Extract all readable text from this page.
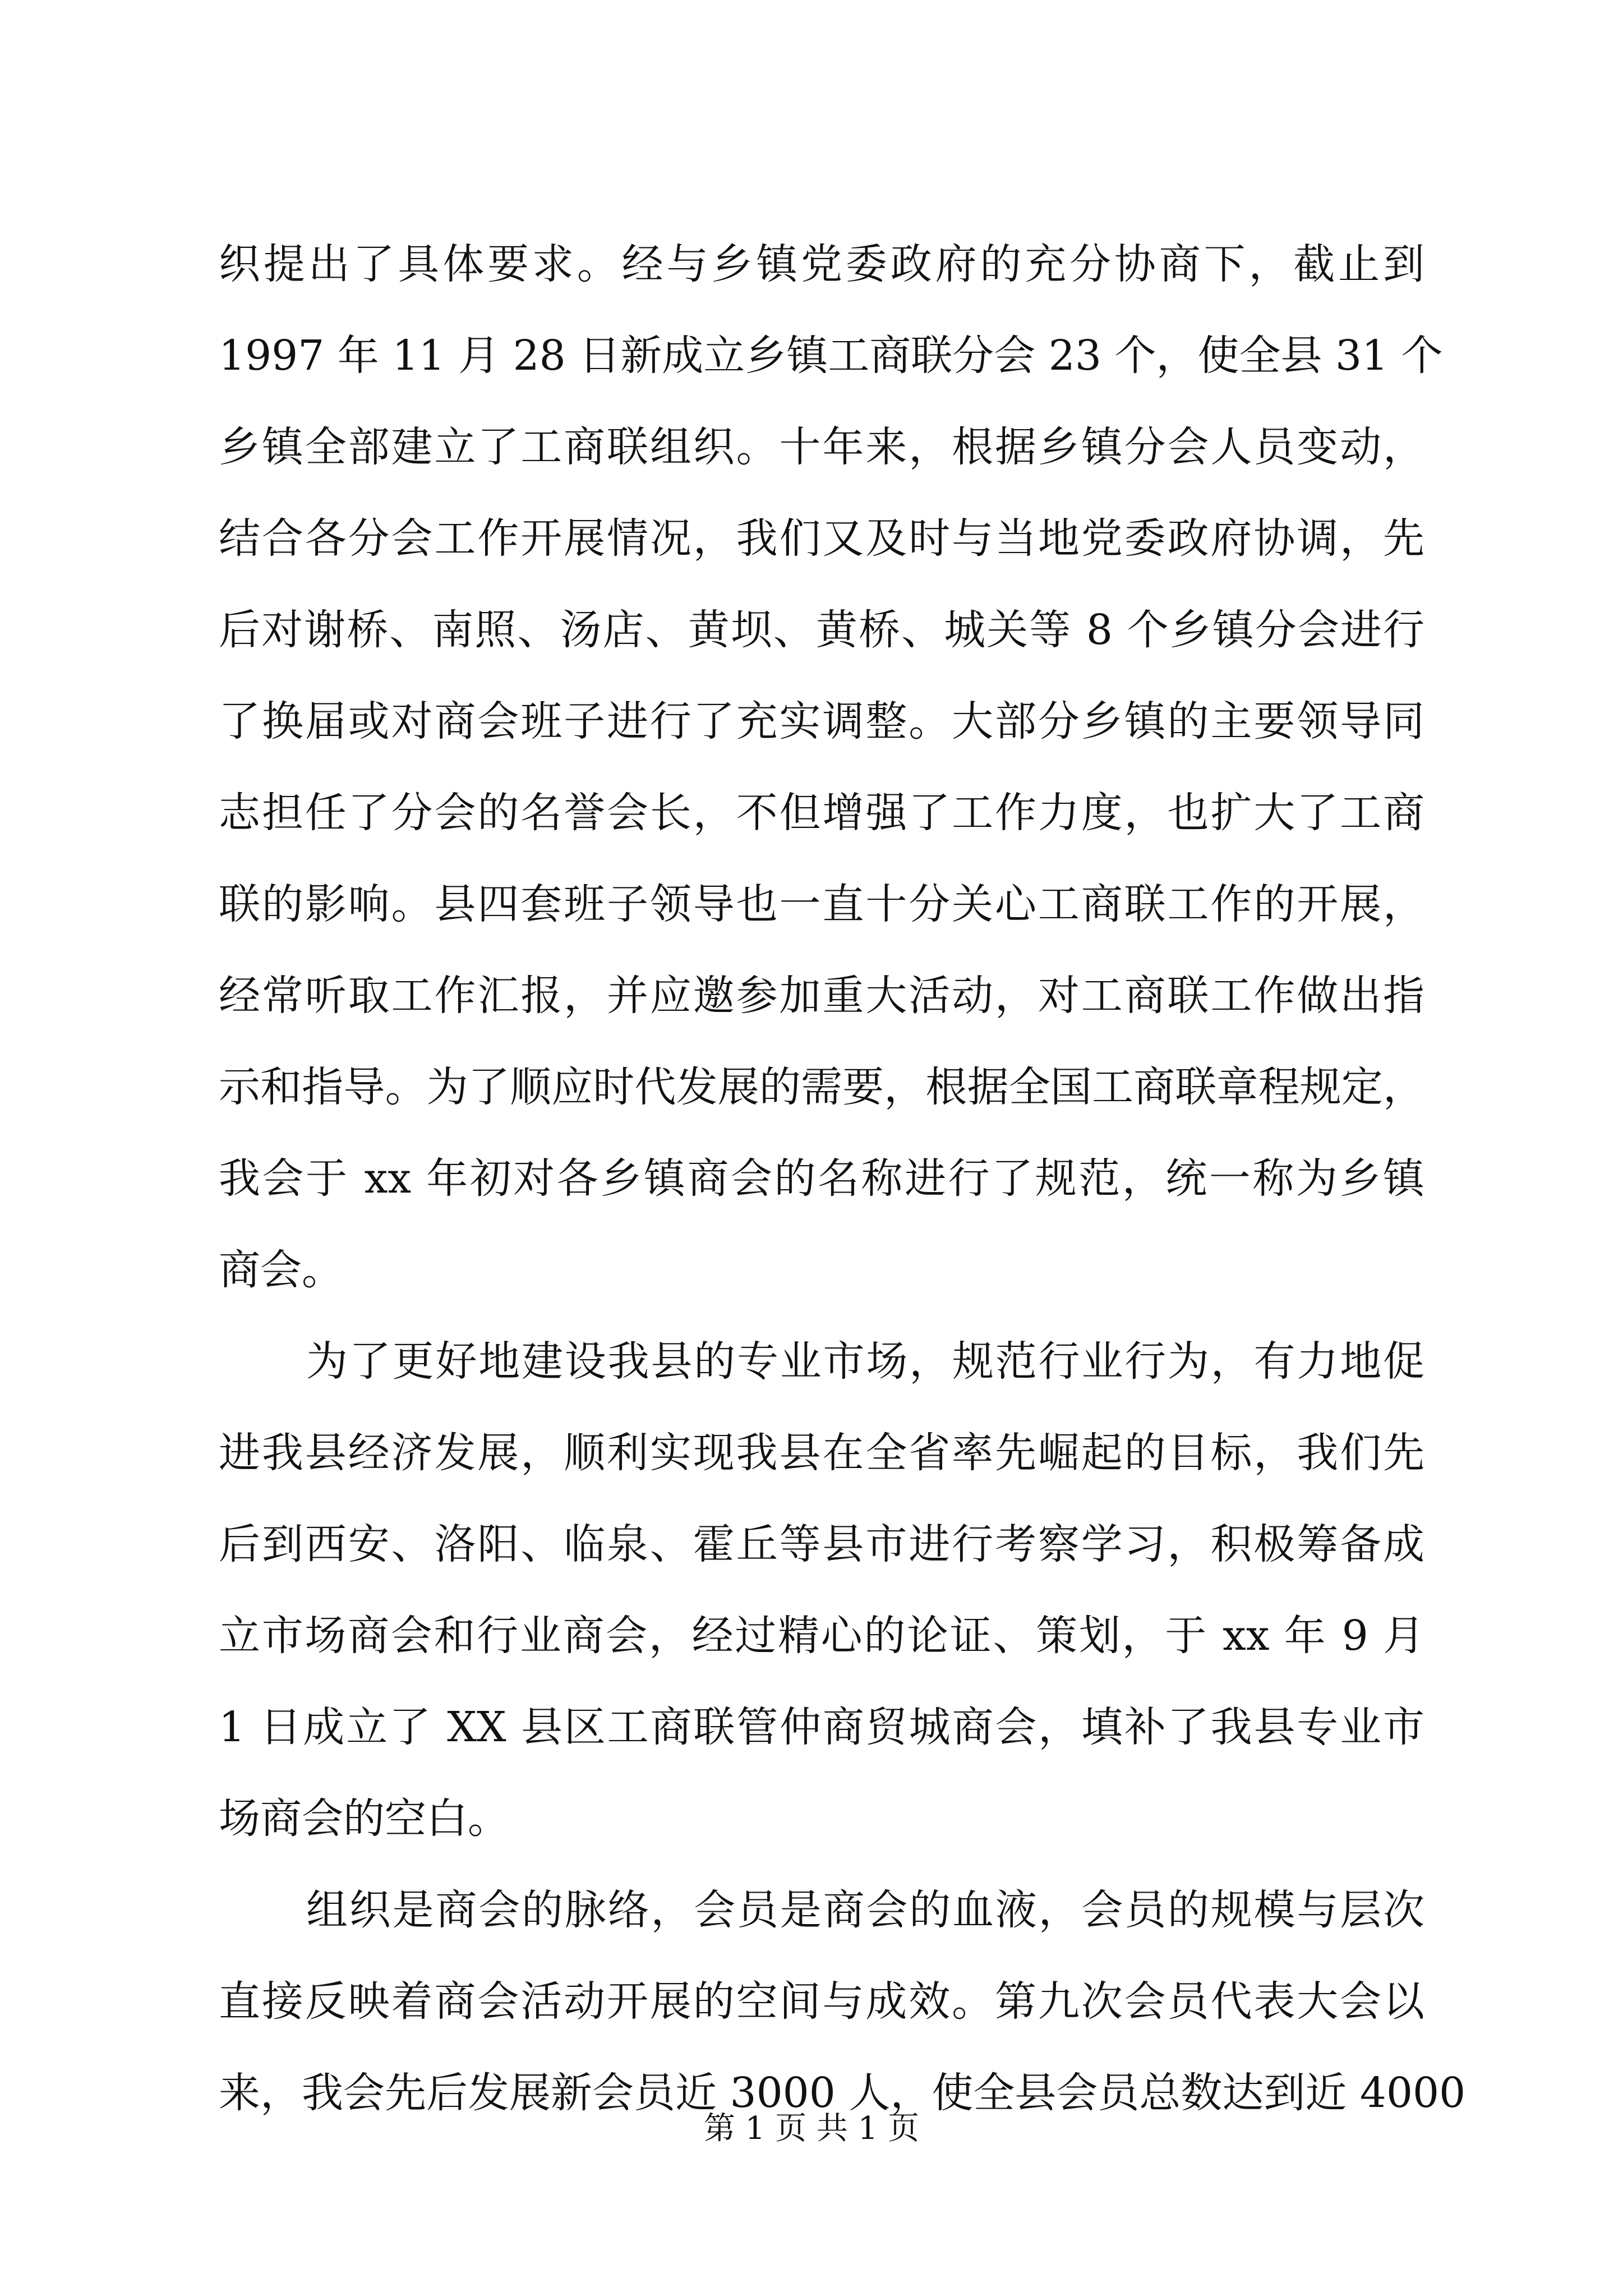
织提出了具体要求。经与乡镇党委政府的充分协商下，截止到
1997 年 11 月 28 日新成立乡镇工商联分会 23 个，使全县 31 个
乡镇全部建立了工商联组织。十年来，根据乡镇分会人员变动，
结合各分会工作开展情况，我们又及时与当地党委政府协调，先
后对谢桥、南照、汤店、黄坝、黄桥、城关等 8 个乡镇分会进行
了换届或对商会班子进行了充实调整。大部分乡镇的主要领导同
志担任了分会的名誉会长，不但增强了工作力度，也扩大了工商
联的影响。县四套班子领导也一直十分关心工商联工作的开展，
经常听取工作汇报，并应邀参加重大活动，对工商联工作做出指
示和指导。为了顺应时代发展的需要，根据全国工商联章程规定，
我会于 xx 年初对各乡镇商会的名称进行了规范，统一称为乡镇
商会。
为了更好地建设我县的专业市场，规范行业行为，有力地促
进我县经济发展，顺利实现我县在全省率先崛起的目标，我们先
后到西安、洛阳、临泉、霍丘等县市进行考察学习，积极筹备成
立市场商会和行业商会，经过精心的论证、策划，于 xx 年 9 月
1 日成立了 XX 县区工商联管仲商贸城商会，填补了我县专业市
场商会的空白。
组织是商会的脉络，会员是商会的血液，会员的规模与层次
直接反映着商会活动开展的空间与成效。第九次会员代表大会以
来，我会先后发展新会员近 3000 人，使全县会员总数达到近 4000
第 1 页 共 1 页
